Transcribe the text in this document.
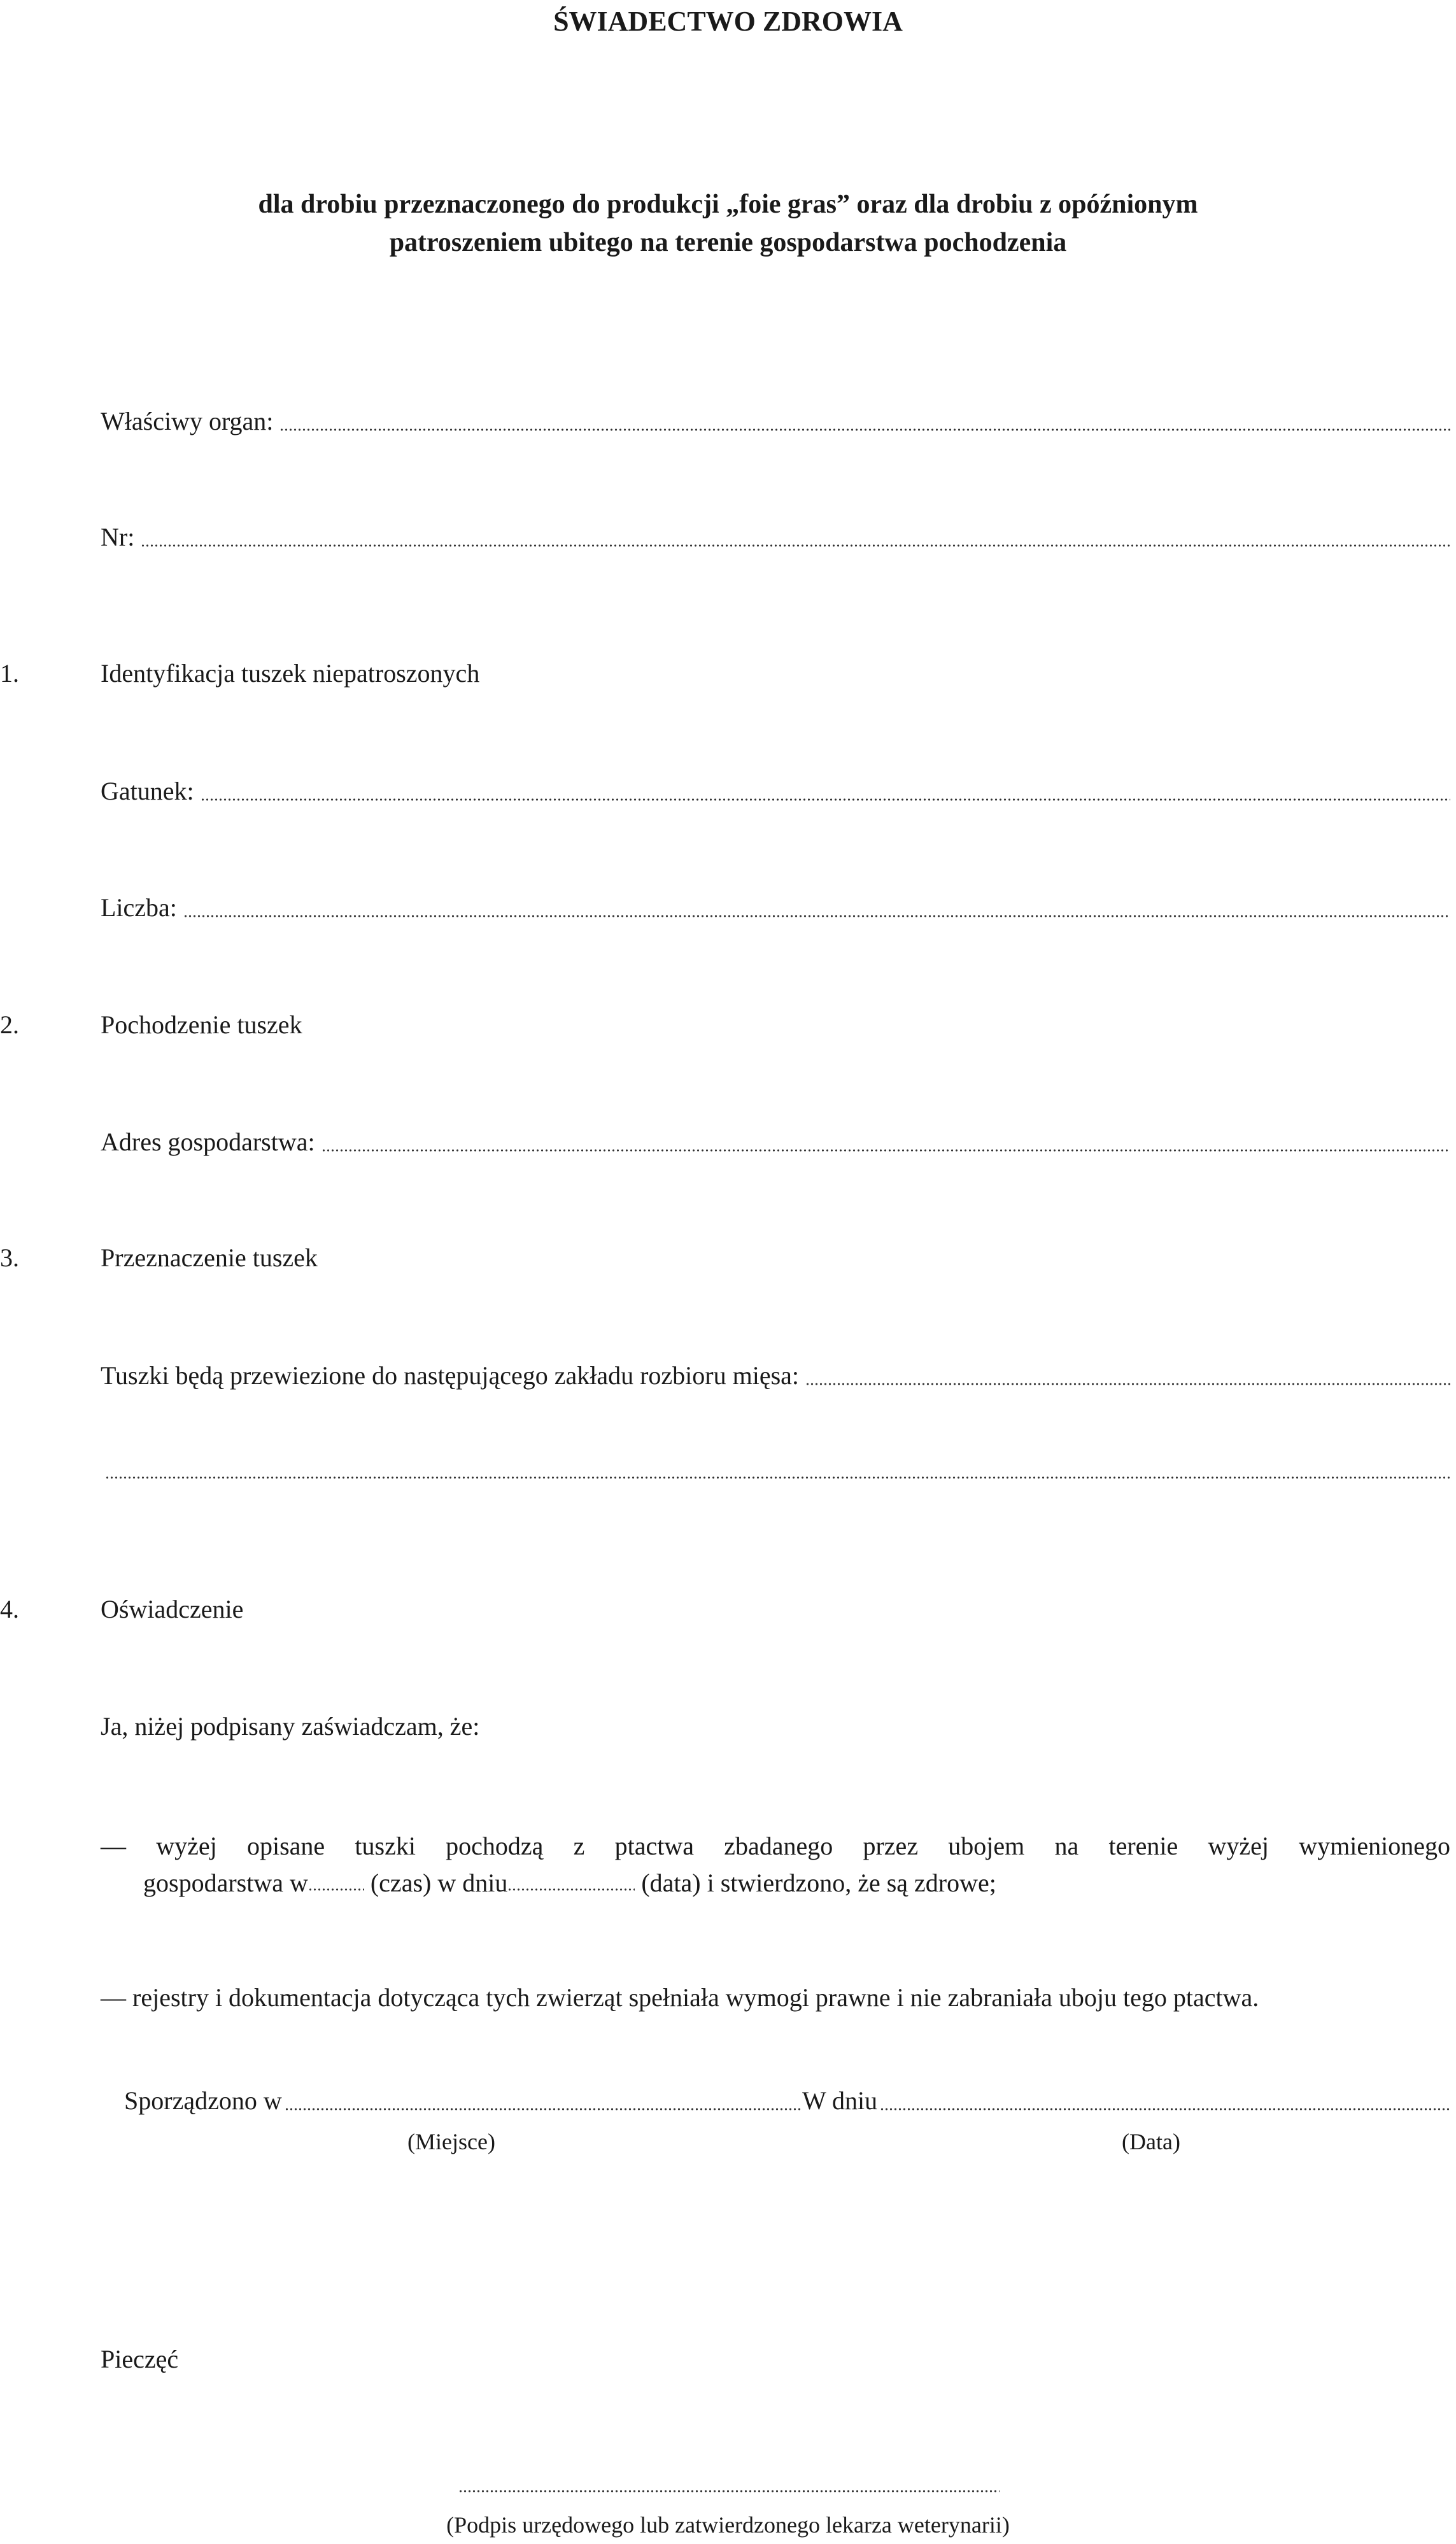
ŚWIADECTWO ZDROWIA
dla drobiu przeznaczonego do produkcji „foie gras” oraz dla drobiu z opóźnionym
patroszeniem ubitego na terenie gospodarstwa pochodzenia
Właściwy organ:
Nr:
1.	Identyfikacja tuszek niepatroszonych
Gatunek:
Liczba:
2.	Pochodzenie tuszek
Adres gospodarstwa:
3.	Przeznaczenie tuszek
Tuszki będą przewiezione do następującego zakładu rozbioru mięsa:
4.	Oświadczenie
Ja, niżej podpisany zaświadczam, że:
— wyżej opisane tuszki pochodzą z ptactwa zbadanego przez ubojem na terenie wyżej wymienionego
gospodarstwa w (czas) w dniu	(data) i stwierdzono, że są zdrowe;
— rejestry i dokumentacja dotycząca tych zwierząt spełniała wymogi prawne i nie zabraniała uboju tego ptactwa.
Sporządzono w	W dniu
(Miejsce)	(Data)
Pieczęć
(Podpis urzędowego lub zatwierdzonego lekarza weterynarii)
